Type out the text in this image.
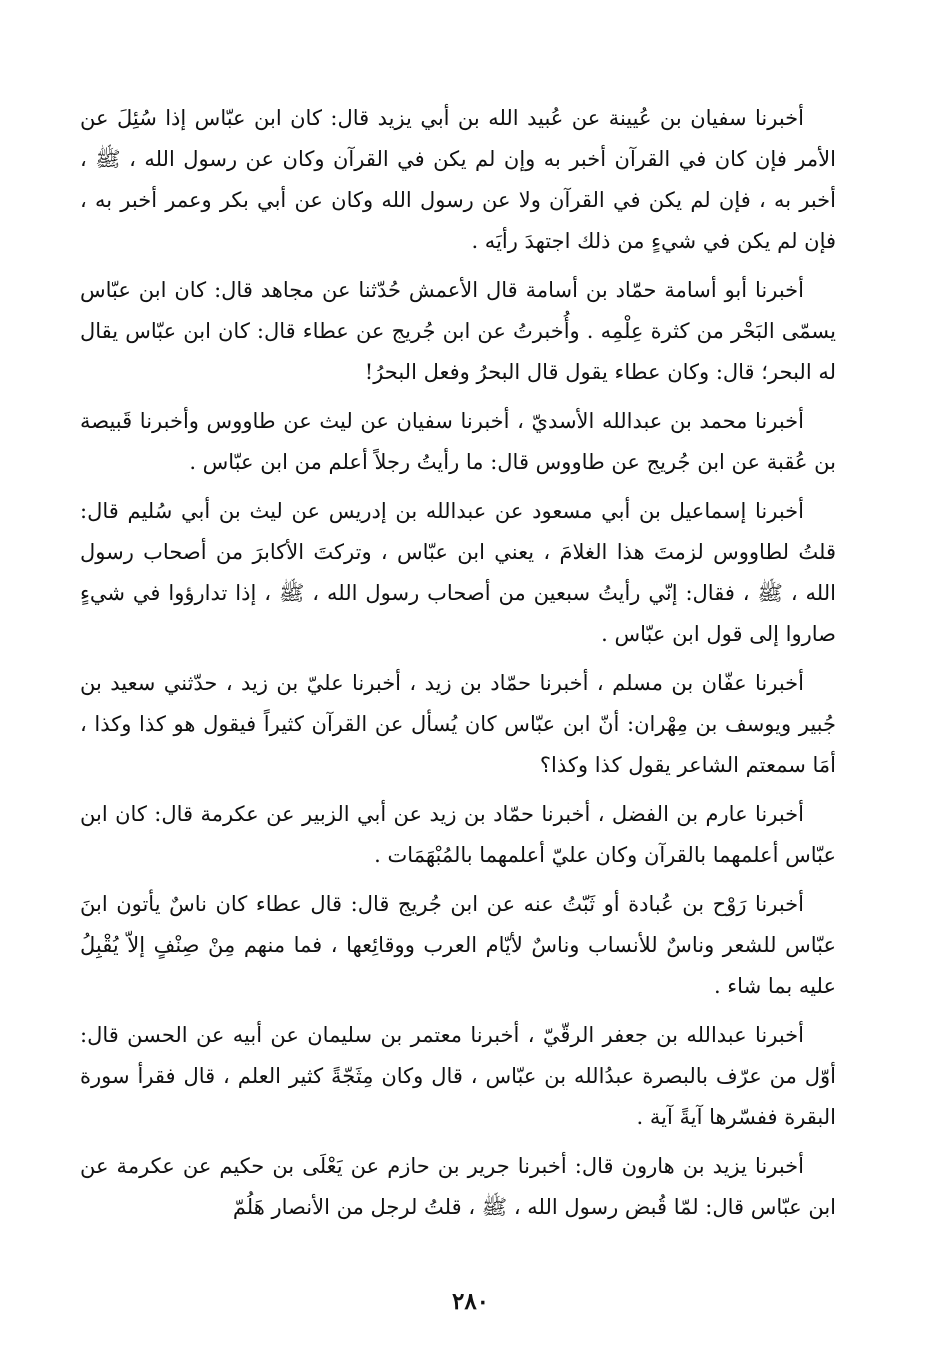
أخبرنا سفيان بن عُيينة عن عُبيد الله بن أبي يزيد قال: كان ابن عبّاس إذا سُئِلَ عن الأمر فإن كان في القرآن أخبر به وإن لم يكن في القرآن وكان عن رسول الله ، ﷺ ، أخبر به ، فإن لم يكن في القرآن ولا عن رسول الله وكان عن أبي بكر وعمر أخبر به ، فإن لم يكن في شيءٍ من ذلك اجتهدَ رأيَه .

أخبرنا أبو أسامة حمّاد بن أسامة قال الأعمش حُدّثنا عن مجاهد قال: كان ابن عبّاس يسمّى البَحْر من كثرة عِلْمِه . وأُخبرتُ عن ابن جُريج عن عطاء قال: كان ابن عبّاس يقال له البحر؛ قال: وكان عطاء يقول قال البحرُ وفعل البحرُ!

أخبرنا محمد بن عبدالله الأسديّ ، أخبرنا سفيان عن ليث عن طاووس وأخبرنا قَبيصة بن عُقبة عن ابن جُريج عن طاووس قال: ما رأيتُ رجلاً أعلم من ابن عبّاس .

أخبرنا إسماعيل بن أبي مسعود عن عبدالله بن إدريس عن ليث بن أبي سُليم قال: قلتُ لطاووس لزمتَ هذا الغلامَ ، يعني ابن عبّاس ، وتركتَ الأكابرَ من أصحاب رسول الله ، ﷺ ، فقال: إنّي رأيتُ سبعين من أصحاب رسول الله ، ﷺ ، إذا تدارؤوا في شيءٍ صاروا إلى قول ابن عبّاس .

أخبرنا عفّان بن مسلم ، أخبرنا حمّاد بن زيد ، أخبرنا عليّ بن زيد ، حدّثني سعيد بن جُبير ويوسف بن مِهْران: أنّ ابن عبّاس كان يُسأل عن القرآن كثيراً فيقول هو كذا وكذا ، أمَا سمعتم الشاعر يقول كذا وكذا؟

أخبرنا عارم بن الفضل ، أخبرنا حمّاد بن زيد عن أبي الزبير عن عكرمة قال: كان ابن عبّاس أعلمهما بالقرآن وكان عليّ أعلمهما بالمُبْهَمَات .

أخبرنا رَوْح بن عُبادة أو ثَبّتُ عنه عن ابن جُريج قال: قال عطاء كان ناسٌ يأتون ابنَ عبّاس للشعر وناسٌ للأنساب وناسٌ لأيّام العرب ووقائِعها ، فما منهم مِنْ صِنْفٍ إلاّ يُقْبِلُ عليه بما شاء .

أخبرنا عبدالله بن جعفر الرقّيّ ، أخبرنا معتمر بن سليمان عن أبيه عن الحسن قال: أوّل من عرّف بالبصرة عبدُالله بن عبّاس ، قال وكان مِثَجّةً كثير العلم ، قال فقرأ سورة البقرة ففسّرها آيةً آية .

أخبرنا يزيد بن هارون قال: أخبرنا جرير بن حازم عن يَعْلَى بن حكيم عن عكرمة عن ابن عبّاس قال: لمّا قُبض رسول الله ، ﷺ ، قلتُ لرجل من الأنصار هَلُمّ

٢٨٠
